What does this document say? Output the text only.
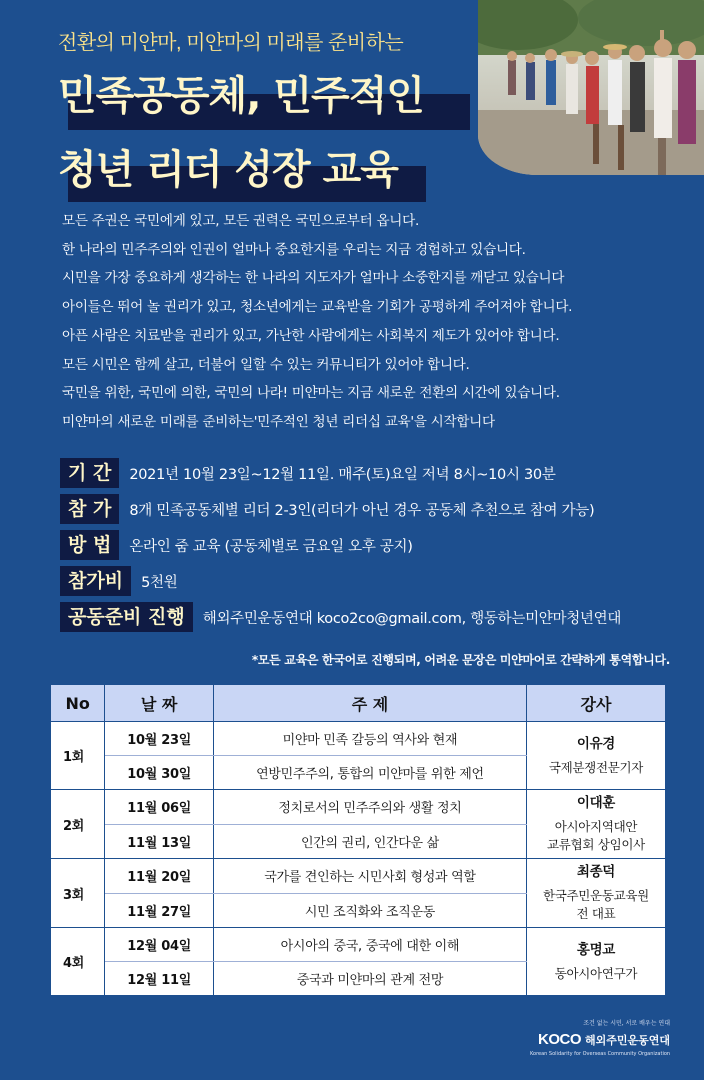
전환의 미얀마, 미얀마의 미래를 준비하는
민족공동체, 민주적인
청년 리더 성장 교육
모든 주권은 국민에게 있고, 모든 권력은 국민으로부터 옵니다.
한 나라의 민주주의와 인권이 얼마나 중요한지를 우리는 지금 경험하고 있습니다.
시민을 가장 중요하게 생각하는 한 나라의 지도자가 얼마나 소중한지를 깨닫고 있습니다
아이들은 뛰어 놀 권리가 있고, 청소년에게는 교육받을 기회가 공평하게 주어져야 합니다.
아픈 사람은 치료받을 권리가 있고, 가난한 사람에게는 사회복지 제도가 있어야 합니다.
모든 시민은 함께 살고, 더불어 일할 수 있는 커뮤니티가 있어야 합니다.
국민을 위한, 국민에 의한, 국민의 나라! 미얀마는 지금 새로운 전환의 시간에 있습니다.
미얀마의 새로운 미래를 준비하는'민주적인 청년 리더십 교육'을 시작합니다
기 간	2021년 10월 23일~12월 11일. 매주(토)요일 저녁 8시~10시 30분
참 가	8개 민족공동체별 리더 2-3인(리더가 아닌 경우 공동체 추천으로 참여 가능)
방 법	온라인 줌 교육 (공동체별로 금요일 오후 공지)
참가비	5천원
공동준비 진행	해외주민운동연대 koco2co@gmail.com, 행동하는미얀마청년연대
*모든 교육은 한국어로 진행되며, 어려운 문장은 미얀마어로 간략하게 통역합니다.
No	날 짜	주 제	강사
1회	10월 23일	미얀마 민족 갈등의 역사와 현재	이유경
국제분쟁전문기자

	10월 30일	연방민주주의, 통합의 미얀마를 위한 제언	
2회	11월 06일	정치로서의 민주주의와 생활 정치	이대훈
아시아지역대안
교류협회 상임이사

	11월 13일	인간의 권리, 인간다운 삶	
3회	11월 20일	국가를 견인하는 시민사회 형성과 역할	최종덕
한국주민운동교육원
전 대표

	11월 27일	시민 조직화와 조직운동	
4회	12월 04일	아시아의 중국, 중국에 대한 이해	홍명교
동아시아연구가

	12월 11일	중국과 미얀마의 관계 전망	
조건 없는 시민, 서로 배우는 연대
KOCO 해외주민운동연대
Korean Solidarity for Overseas Community Organization
